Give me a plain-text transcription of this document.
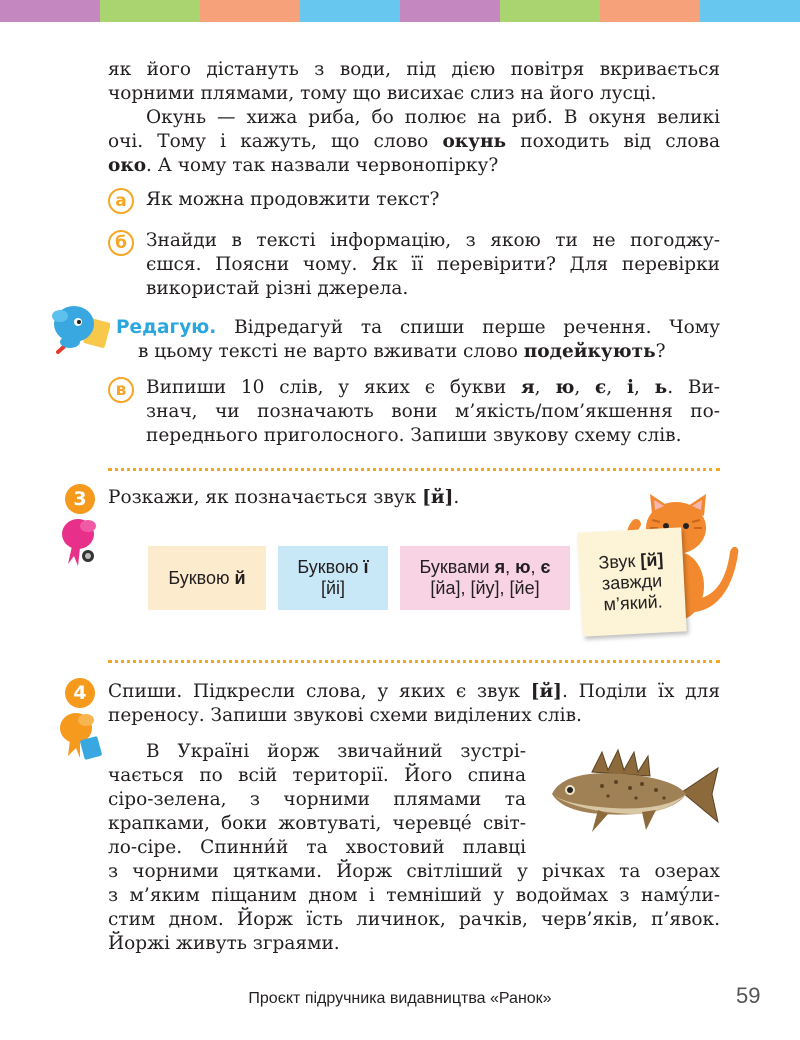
як його дістануть з води, під дією повітря вкривається
чорними плямами, тому що висихає слиз на його лусці.
Окунь — хижа риба, бо полює на риб. В окуня великі
очі. Тому і кажуть, що слово окунь походить від слова
око. А чому так назвали червонопірку?
а	Як можна продовжити текст?
б	Знайди в тексті інформацію, з якою ти не погоджу-
єшся. Поясни чому. Як її перевірити? Для перевірки
використай різні джерела.
Редагую. Відредагуй та спиши перше речення. Чому
в цьому тексті не варто вживати слово подейкують?
в	Випиши 10 слів, у яких є букви я, ю, є, і, ь. Ви-
знач, чи позначають вони м’якість/пом’якшення по-
переднього приголосного. Запиши звукову схему слів.
3	Розкажи, як позначається звук [й].
Буквою й
Буквою ї
[йі]
Буквами я, ю, є
[йа], [йу], [йе]
Звук [й]
завжди
м’який.
4	Спиши. Підкресли слова, у яких є звук [й]. Поділи їх для
переносу. Запиши звукові схеми виділених слів.
В Україні йорж звичайний зустрі-
чається по всій території. Його спина
сіро-зелена, з чорними плямами та
крапками, боки жовтуваті, черевце́ світ-
ло-сіре. Спинни́й та хвостовий плавці
з чорними цятками. Йорж світліший у річках та озерах
з м’яким піщаним дном і темніший у водоймах з наму́ли-
стим дном. Йорж їсть личинок, рачків, черв’яків, п’явок.
Йоржі живуть зграями.
Проєкт підручника видавництва «Ранок»	59
